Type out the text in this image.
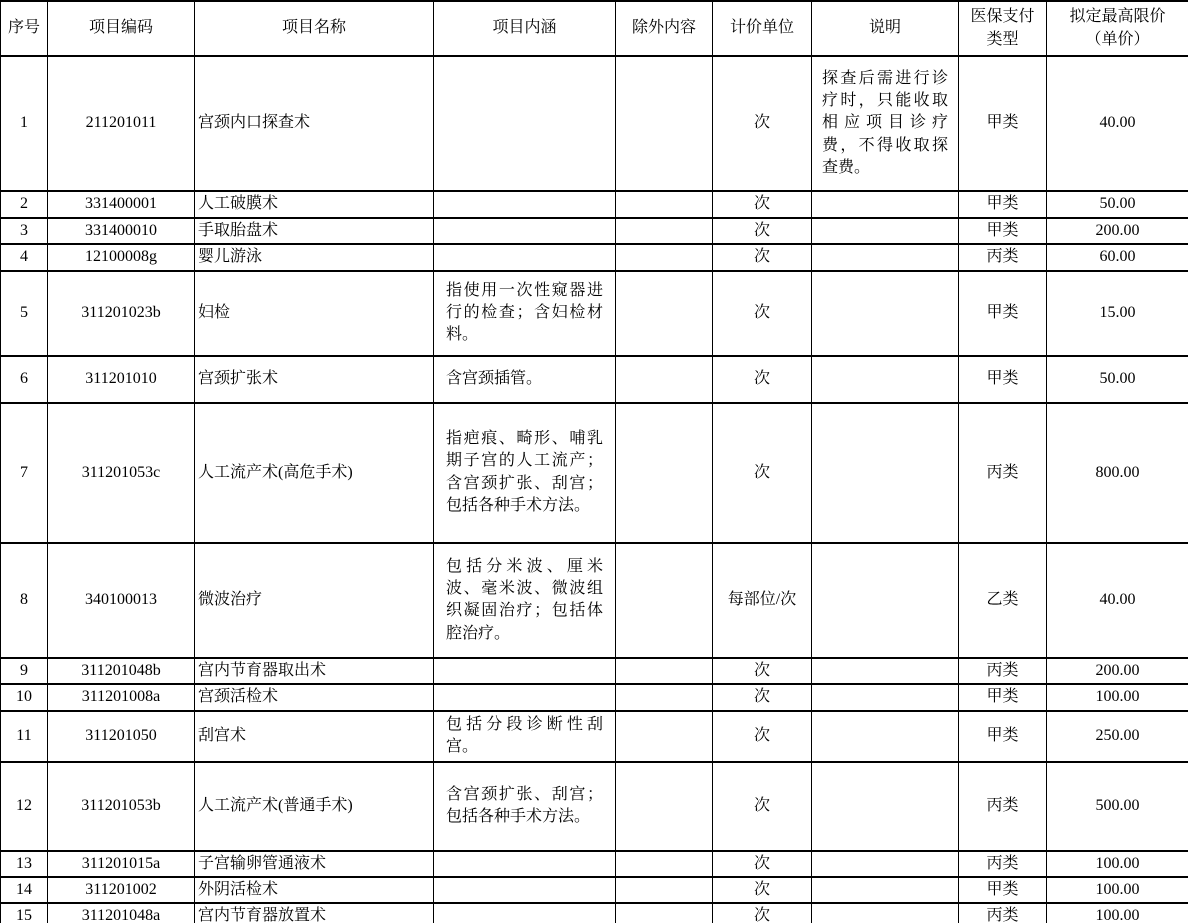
序号	项目编码	项目名称	项目内涵	除外内容	计价单位	说明	医保支付类型	拟定最高限价（单价）
1	211201011	宫颈内口探查术			次	探查后需进行诊疗时，只能收取相应项目诊疗费，不得收取探查费。	甲类	40.00
2	331400001	人工破膜术			次		甲类	50.00
3	331400010	手取胎盘术			次		甲类	200.00
4	12100008g	婴儿游泳			次		丙类	60.00
5	311201023b	妇检	指使用一次性窥器进行的检查；含妇检材料。		次		甲类	15.00
6	311201010	宫颈扩张术	含宫颈插管。		次		甲类	50.00
7	311201053c	人工流产术(高危手术)	指疤痕、畸形、哺乳期子宫的人工流产；含宫颈扩张、刮宫；包括各种手术方法。		次		丙类	800.00
8	340100013	微波治疗	包括分米波、厘米波、毫米波、微波组织凝固治疗；包括体腔治疗。		每部位/次		乙类	40.00
9	311201048b	宫内节育器取出术			次		丙类	200.00
10	311201008a	宫颈活检术			次		甲类	100.00
11	311201050	刮宫术	包括分段诊断性刮宫。		次		甲类	250.00
12	311201053b	人工流产术(普通手术)	含宫颈扩张、刮宫；包括各种手术方法。		次		丙类	500.00
13	311201015a	子宫输卵管通液术			次		丙类	100.00
14	311201002	外阴活检术			次		甲类	100.00
15	311201048a	宫内节育器放置术			次		丙类	100.00
